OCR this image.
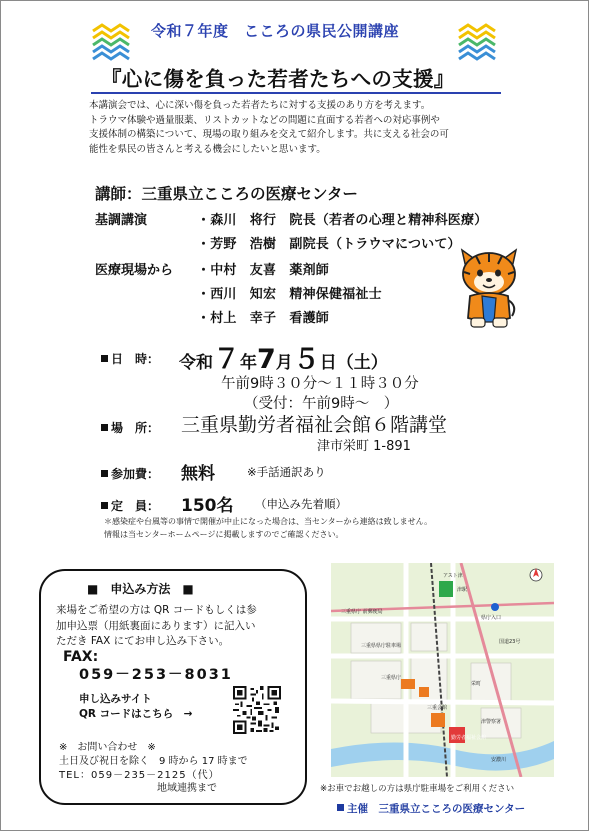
令和７年度　こころの県民公開講座
『心に傷を負った若者たちへの支援』
本講演会では、心に深い傷を負った若者たちに対する支援のあり方を考えます。
トラウマ体験や過量服薬、リストカットなどの問題に直面する若者への対応事例や
支援体制の構築について、現場の取り組みを交えて紹介します。共に支える社会の可
能性を県民の皆さんと考える機会にしたいと思います。
講師：三重県立こころの医療センター
基調講演	・森川　将行　院長（若者の心理と精神科医療）
・芳野　浩樹　副院長（トラウマについて）
医療現場から ・中村　友喜　薬剤師
・西川　知宏　精神保健福祉士
・村上　幸子　看護師
日　時： 令和７年7月５日（土）
午前9時３０分～１１時３０分
（受付：午前9時～　）
場　所： 三重県勤労者福祉会館６階講堂
津市栄町 1-891
参加費： 無料	※手話通訳あり
定　員： 150名 （申込み先着順）
＊感染症や台風等の事情で開催が中止になった場合は、当センターから連絡は致しません。
情報は当センターホームページに掲載しますのでご確認ください。
■　申込み方法　■
来場をご希望の方は QR コードもしくは参
加申込票（用紙裏面にあります）に記入い
ただき FAX にてお申し込み下さい。
FAX:
059－253－8031
申し込みサイト
QR コードはこちら　→
※　お問い合わせ　※
土日及び祝日を除く　9 時から 17 時まで
TEL：059－235－2125（代）
地域連携まで
アスト津
三重県庁 前郵便局
県庁入口
国道23号
津駅
三重県県庁駐車場
三重県庁
三重会館
勤労者福祉会館
安濃川
栄町
津警察署
※お車でお越しの方は県庁駐車場をご利用ください
主催　三重県立こころの医療センター
